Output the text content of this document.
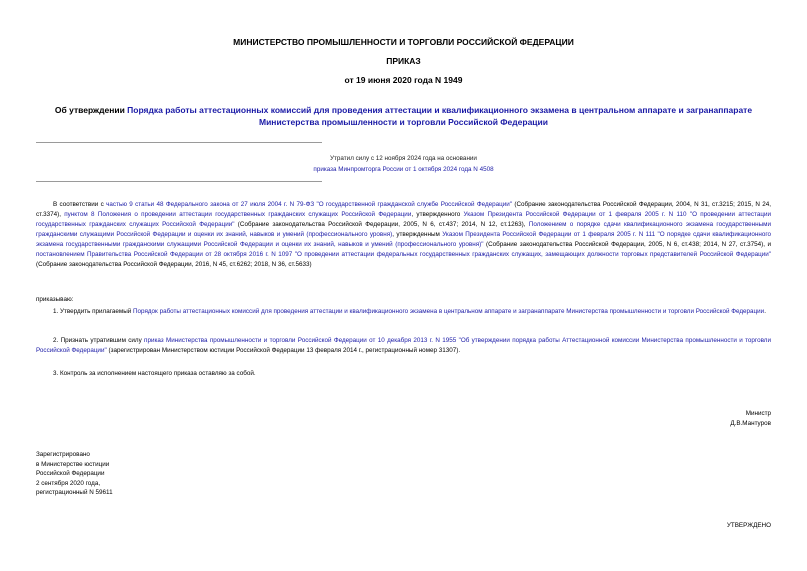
МИНИСТЕРСТВО ПРОМЫШЛЕННОСТИ И ТОРГОВЛИ РОССИЙСКОЙ ФЕДЕРАЦИИ
ПРИКАЗ
от 19 июня 2020 года N 1949
Об утверждении Порядка работы аттестационных комиссий для проведения аттестации и квалификационного экзамена в центральном аппарате и загранаппарате Министерства промышленности и торговли Российской Федерации
Утратил силу с 12 ноября 2024 года на основании
приказа Минпромторга России от 1 октября 2024 года N 4508
В соответствии с частью 9 статьи 48 Федерального закона от 27 июля 2004 г. N 79-ФЗ "О государственной гражданской службе Российской Федерации" (Собрание законодательства Российской Федерации, 2004, N 31, ст.3215; 2015, N 24, ст.3374), пунктом 8 Положения о проведении аттестации государственных гражданских служащих Российской Федерации, утвержденного Указом Президента Российской Федерации от 1 февраля 2005 г. N 110 "О проведении аттестации государственных гражданских служащих Российской Федерации" (Собрание законодательства Российской Федерации, 2005, N 6, ст.437; 2014, N 12, ст.1263), Положением о порядке сдачи квалификационного экзамена государственными гражданскими служащими Российской Федерации и оценки их знаний, навыков и умений (профессионального уровня), утвержденным Указом Президента Российской Федерации от 1 февраля 2005 г. N 111 "О порядке сдачи квалификационного экзамена государственными гражданскими служащими Российской Федерации и оценки их знаний, навыков и умений (профессионального уровня)" (Собрание законодательства Российской Федерации, 2005, N 6, ст.438; 2014, N 27, ст.3754), и постановлением Правительства Российской Федерации от 28 октября 2016 г. N 1097 "О проведении аттестации федеральных государственных гражданских служащих, замещающих должности торговых представителей Российской Федерации" (Собрание законодательства Российской Федерации, 2016, N 45, ст.6262; 2018, N 36, ст.5633)
приказываю:
1. Утвердить прилагаемый Порядок работы аттестационных комиссий для проведения аттестации и квалификационного экзамена в центральном аппарате и загранаппарате Министерства промышленности и торговли Российской Федерации.
2. Признать утратившим силу приказ Министерства промышленности и торговли Российской Федерации от 10 декабря 2013 г. N 1955 "Об утверждении порядка работы Аттестационной комиссии Министерства промышленности и торговли Российской Федерации" (зарегистрирован Министерством юстиции Российской Федерации 13 февраля 2014 г., регистрационный номер 31307).
3. Контроль за исполнением настоящего приказа оставляю за собой.
Министр
Д.В.Мантуров
Зарегистрировано
в Министерстве юстиции
Российской Федерации
2 сентября 2020 года,
регистрационный N 59611
УТВЕРЖДЕНО
